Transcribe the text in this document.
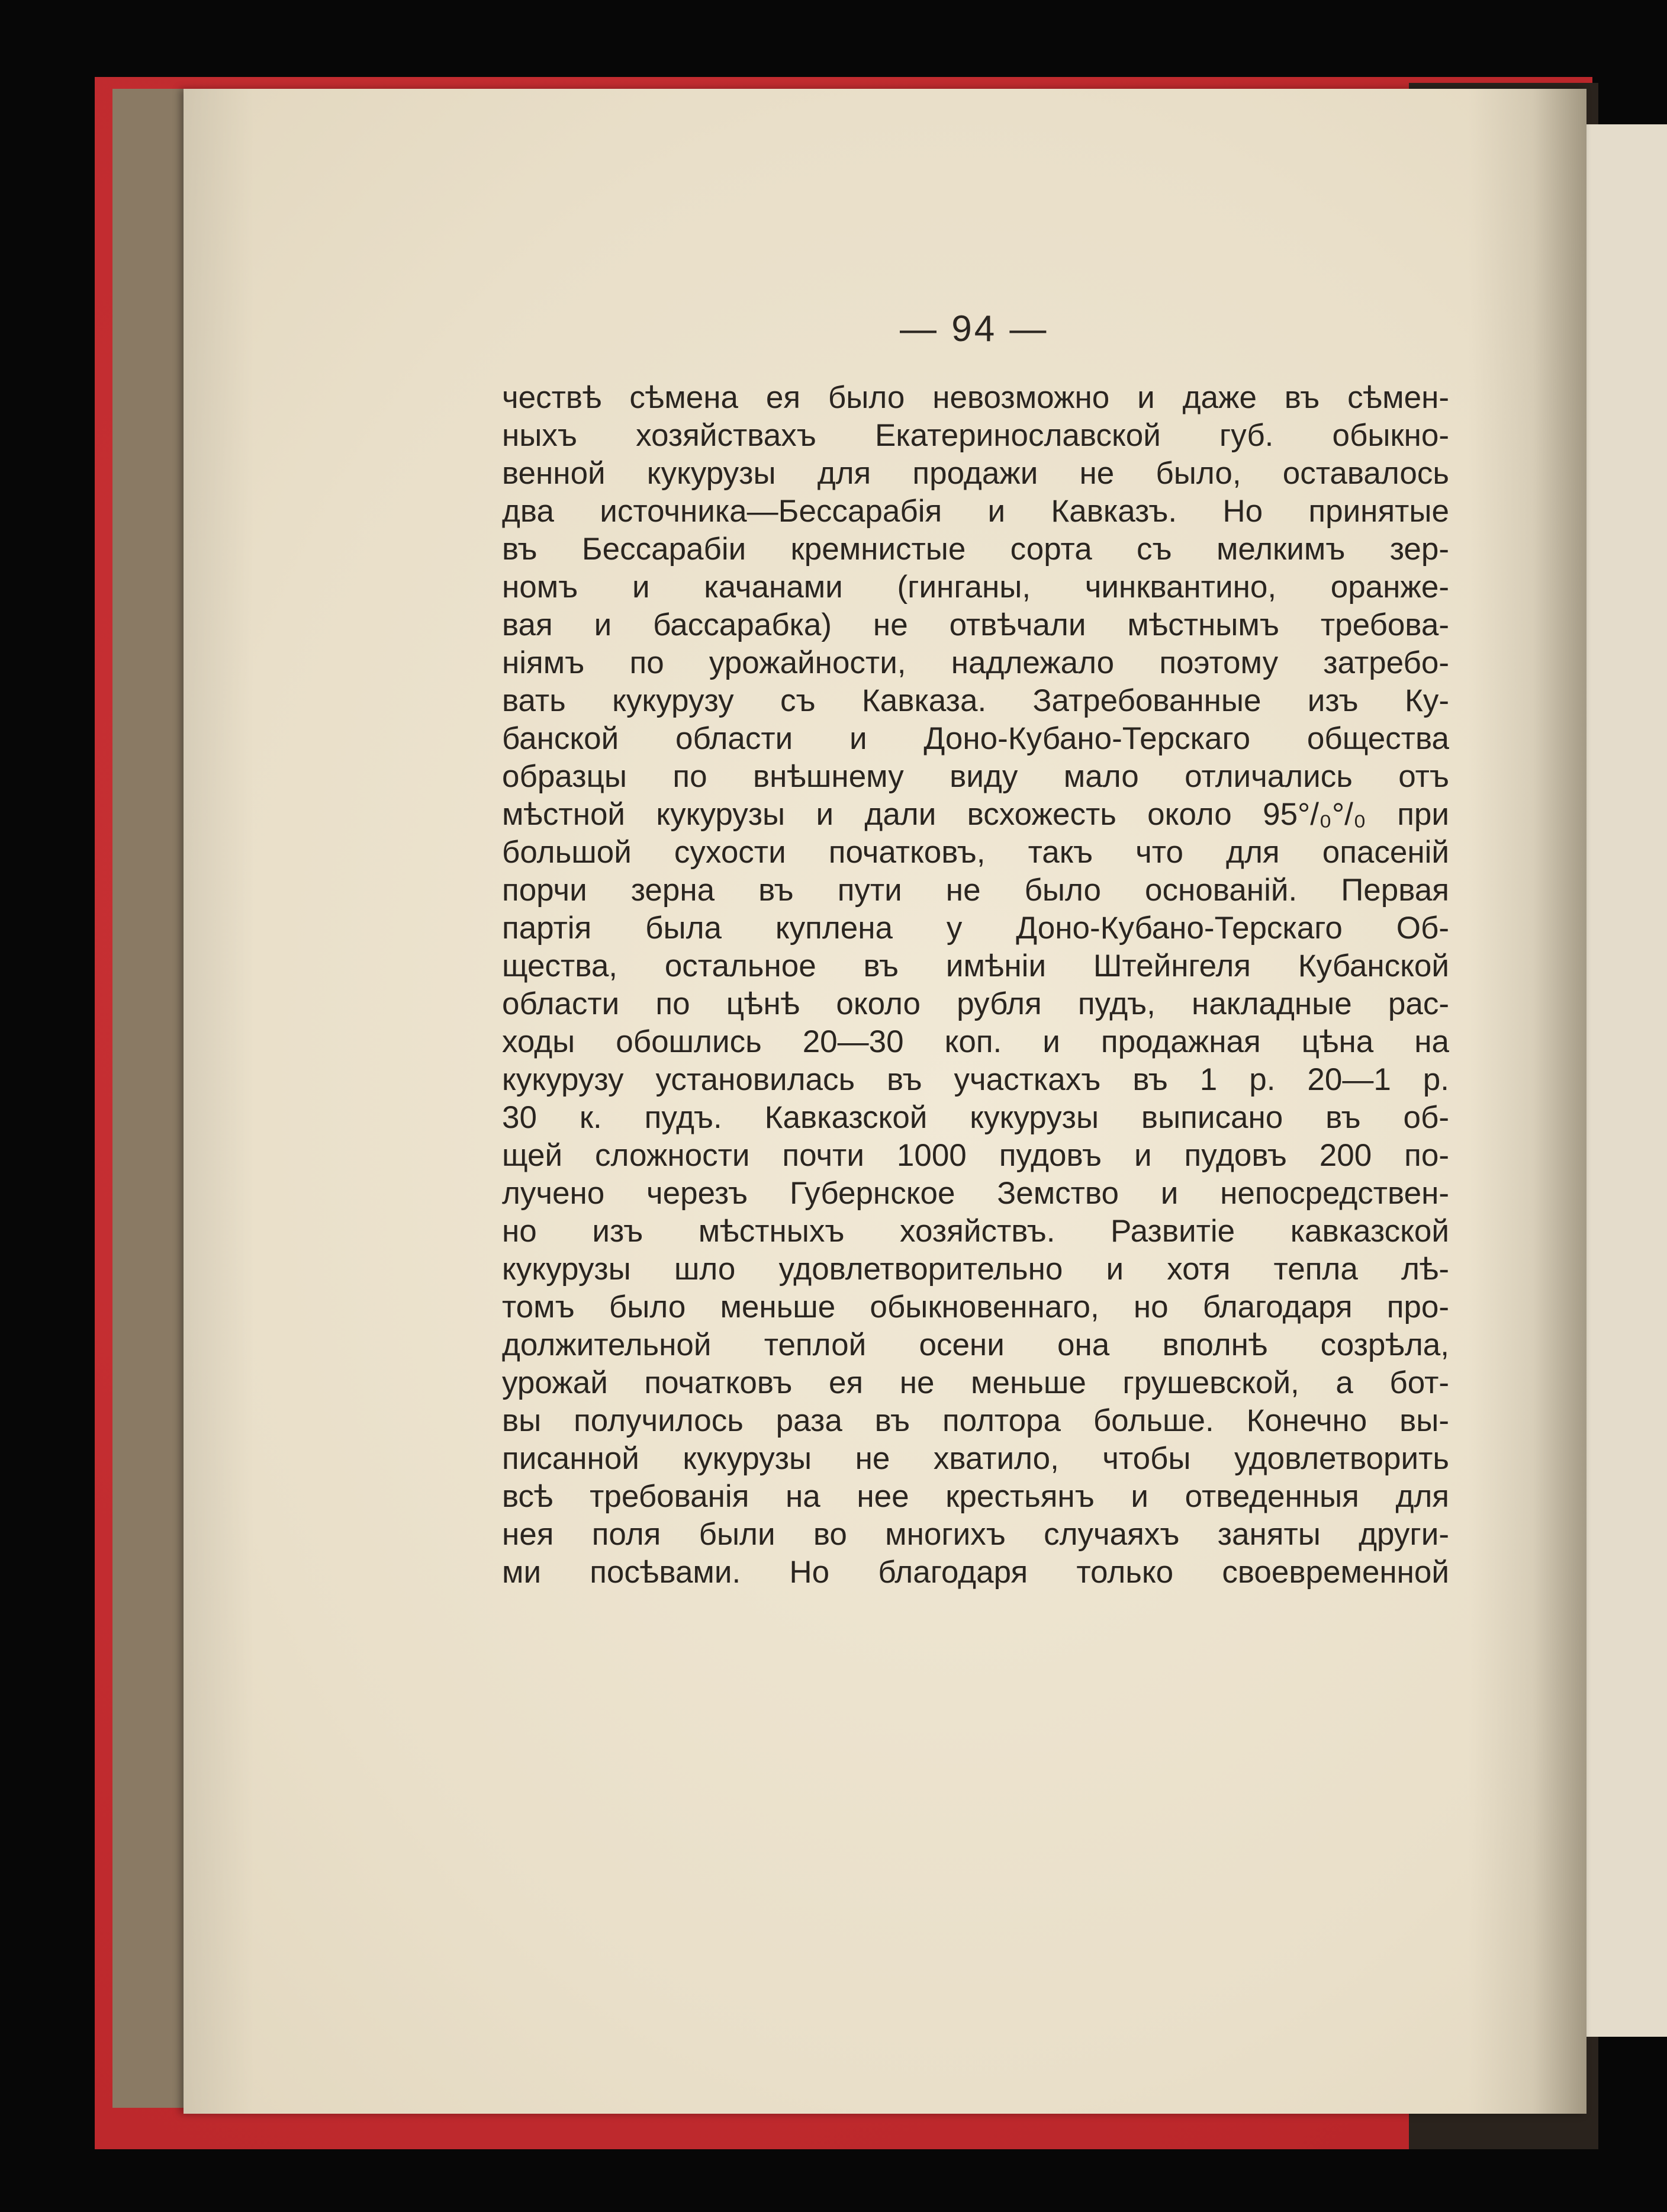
— 94 —
чествѣ сѣмена ея было невозможно и даже въ сѣмен-
ныхъ хозяйствахъ Екатеринославской губ. обыкно-
венной кукурузы для продажи не было, оставалось
два источника—Бессарабія и Кавказъ. Но принятые
въ Бессарабіи кремнистые сорта съ мелкимъ зер-
номъ и качанами (гинганы, чинквантино, оранже-
вая и бассарабка) не отвѣчали мѣстнымъ требова-
ніямъ по урожайности, надлежало поэтому затребо-
вать кукурузу съ Кавказа. Затребованные изъ Ку-
банской области и Доно-Кубано-Терскаго общества
образцы по внѣшнему виду мало отличались отъ
мѣстной кукурузы и дали всхожесть около 95°/₀°/₀ при
большой сухости початковъ, такъ что для опасеній
порчи зерна въ пути не было основаній. Первая
партія была куплена у Доно-Кубано-Терскаго Об-
щества, остальное въ имѣніи Штейнгеля Кубанской
области по цѣнѣ около рубля пудъ, накладные рас-
ходы обошлись 20—30 коп. и продажная цѣна на
кукурузу установилась въ участкахъ въ 1 р. 20—1 р.
30 к. пудъ. Кавказской кукурузы выписано въ об-
щей сложности почти 1000 пудовъ и пудовъ 200 по-
лучено черезъ Губернское Земство и непосредствен-
но изъ мѣстныхъ хозяйствъ. Развитіе кавказской
кукурузы шло удовлетворительно и хотя тепла лѣ-
томъ было меньше обыкновеннаго, но благодаря про-
должительной теплой осени она вполнѣ созрѣла,
урожай початковъ ея не меньше грушевской, а бот-
вы получилось раза въ полтора больше. Конечно вы-
писанной кукурузы не хватило, чтобы удовлетворить
всѣ требованія на нее крестьянъ и отведенныя для
нея поля были во многихъ случаяхъ заняты други-
ми посѣвами. Но благодаря только своевременной
